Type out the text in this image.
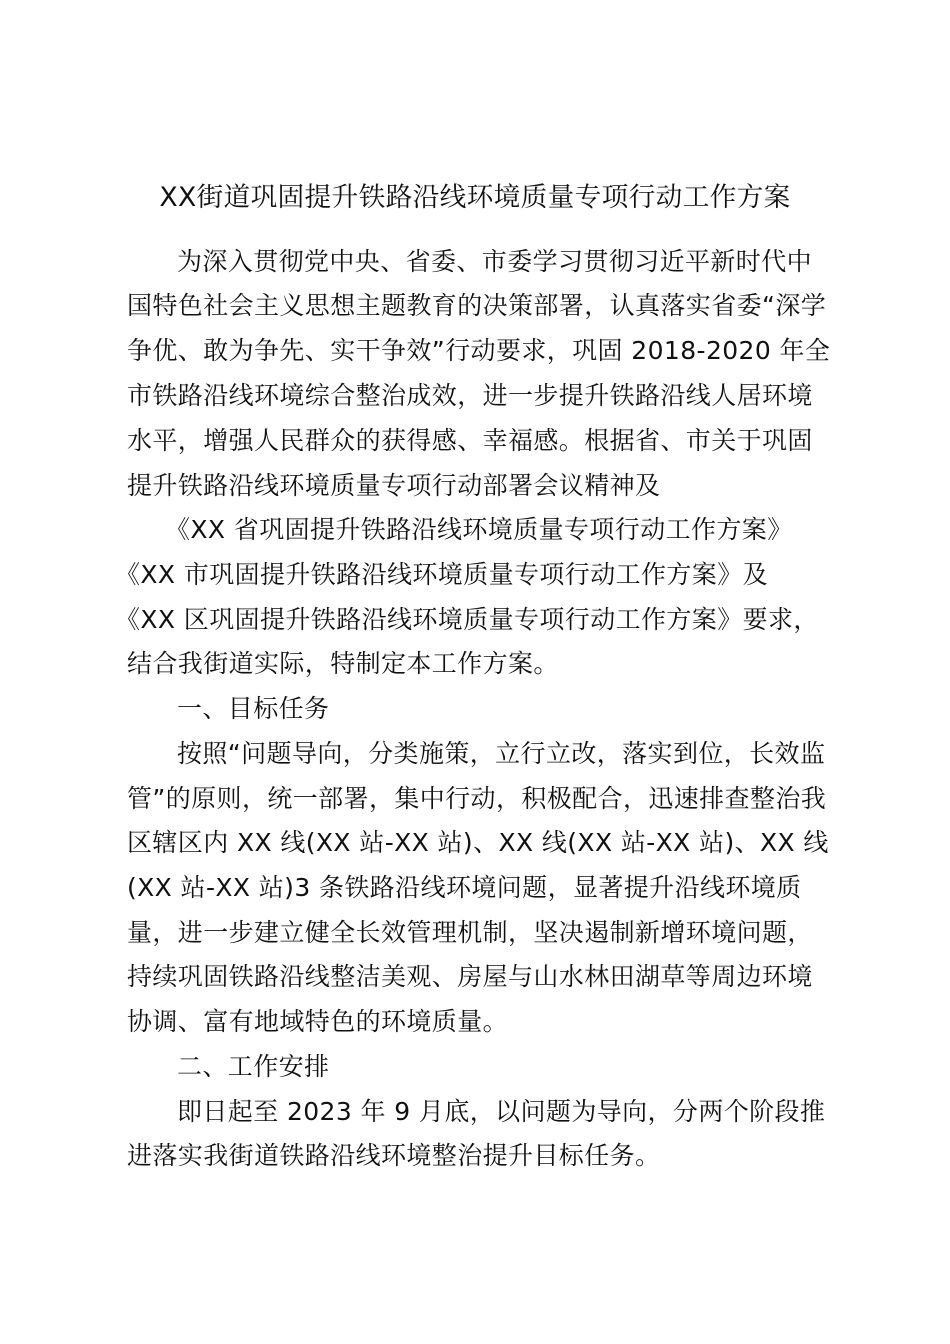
XX街道巩固提升铁路沿线环境质量专项行动工作方案
为深入贯彻党中央、省委、市委学习贯彻习近平新时代中
国特色社会主义思想主题教育的决策部署，认真落实省委“深学
争优、敢为争先、实干争效”行动要求，巩固 2018-2020 年全
市铁路沿线环境综合整治成效，进一步提升铁路沿线人居环境
水平，增强人民群众的获得感、幸福感。根据省、市关于巩固
提升铁路沿线环境质量专项行动部署会议精神及
《XX 省巩固提升铁路沿线环境质量专项行动工作方案》
《XX 市巩固提升铁路沿线环境质量专项行动工作方案》及
《XX 区巩固提升铁路沿线环境质量专项行动工作方案》要求，
结合我街道实际，特制定本工作方案。
一、目标任务
按照“问题导向，分类施策，立行立改，落实到位，长效监
管”的原则，统一部署，集中行动，积极配合，迅速排查整治我
区辖区内 XX 线(XX 站-XX 站)、XX 线(XX 站-XX 站)、XX 线
(XX 站-XX 站)3 条铁路沿线环境问题，显著提升沿线环境质
量，进一步建立健全长效管理机制，坚决遏制新增环境问题，
持续巩固铁路沿线整洁美观、房屋与山水林田湖草等周边环境
协调、富有地域特色的环境质量。
二、工作安排
即日起至 2023 年 9 月底，以问题为导向，分两个阶段推
进落实我街道铁路沿线环境整治提升目标任务。
